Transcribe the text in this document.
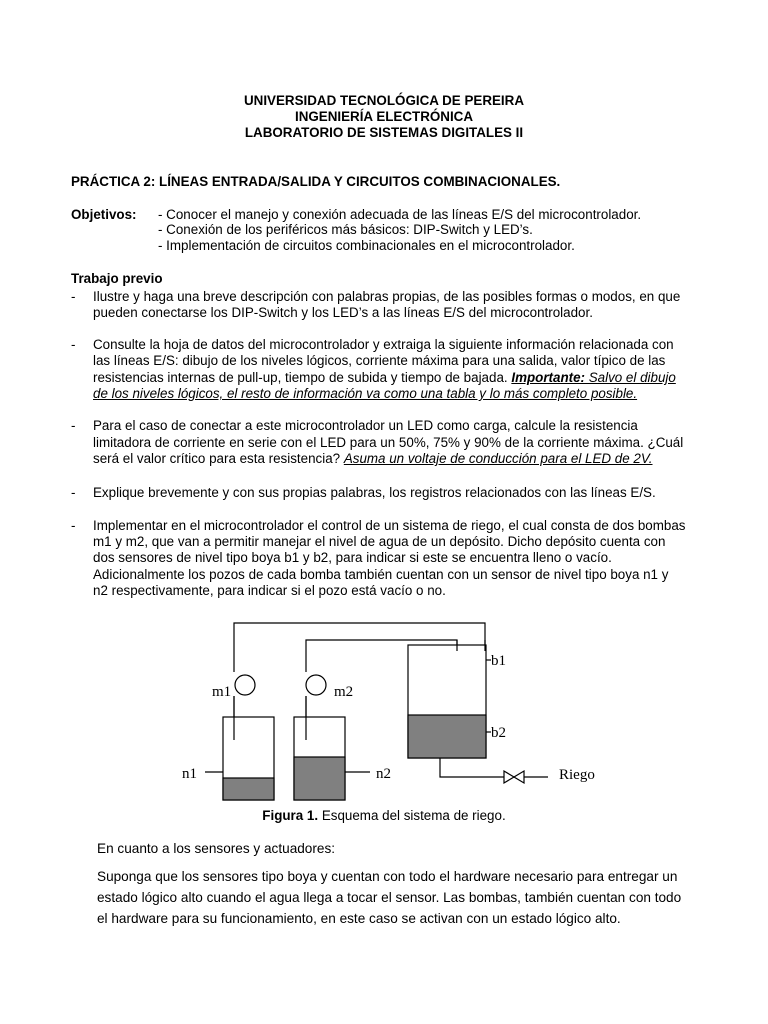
UNIVERSIDAD TECNOLÓGICA DE PEREIRA
INGENIERÍA ELECTRÓNICA
LABORATORIO DE SISTEMAS DIGITALES II
PRÁCTICA 2: LÍNEAS ENTRADA/SALIDA Y CIRCUITOS COMBINACIONALES.
Objetivos: - Conocer el manejo y conexión adecuada de las líneas E/S del microcontrolador.
- Conexión de los periféricos más básicos: DIP-Switch y LED’s.
- Implementación de circuitos combinacionales en el microcontrolador.
Trabajo previo
- Ilustre y haga una breve descripción con palabras propias, de las posibles formas o modos, en que
pueden conectarse los DIP-Switch y los LED’s a las líneas E/S del microcontrolador.
- Consulte la hoja de datos del microcontrolador y extraiga la siguiente información relacionada con
las líneas E/S: dibujo de los niveles lógicos, corriente máxima para una salida, valor típico de las
resistencias internas de pull-up, tiempo de subida y tiempo de bajada. Importante: Salvo el dibujo
de los niveles lógicos, el resto de información va como una tabla y lo más completo posible.
- Para el caso de conectar a este microcontrolador un LED como carga, calcule la resistencia
limitadora de corriente en serie con el LED para un 50%, 75% y 90% de la corriente máxima. ¿Cuál
será el valor crítico para esta resistencia? Asuma un voltaje de conducción para el LED de 2V.
- Explique brevemente y con sus propias palabras, los registros relacionados con las líneas E/S.
- Implementar en el microcontrolador el control de un sistema de riego, el cual consta de dos bombas
m1 y m2, que van a permitir manejar el nivel de agua de un depósito. Dicho depósito cuenta con
dos sensores de nivel tipo boya b1 y b2, para indicar si este se encuentra lleno o vacío.
Adicionalmente los pozos de cada bomba también cuentan con un sensor de nivel tipo boya n1 y
n2 respectivamente, para indicar si el pozo está vacío o no.
m1	m2
n1	n2
b1
b2
Riego
Figura 1. Esquema del sistema de riego.
En cuanto a los sensores y actuadores:
Suponga que los sensores tipo boya y cuentan con todo el hardware necesario para entregar un
estado lógico alto cuando el agua llega a tocar el sensor. Las bombas, también cuentan con todo
el hardware para su funcionamiento, en este caso se activan con un estado lógico alto.
